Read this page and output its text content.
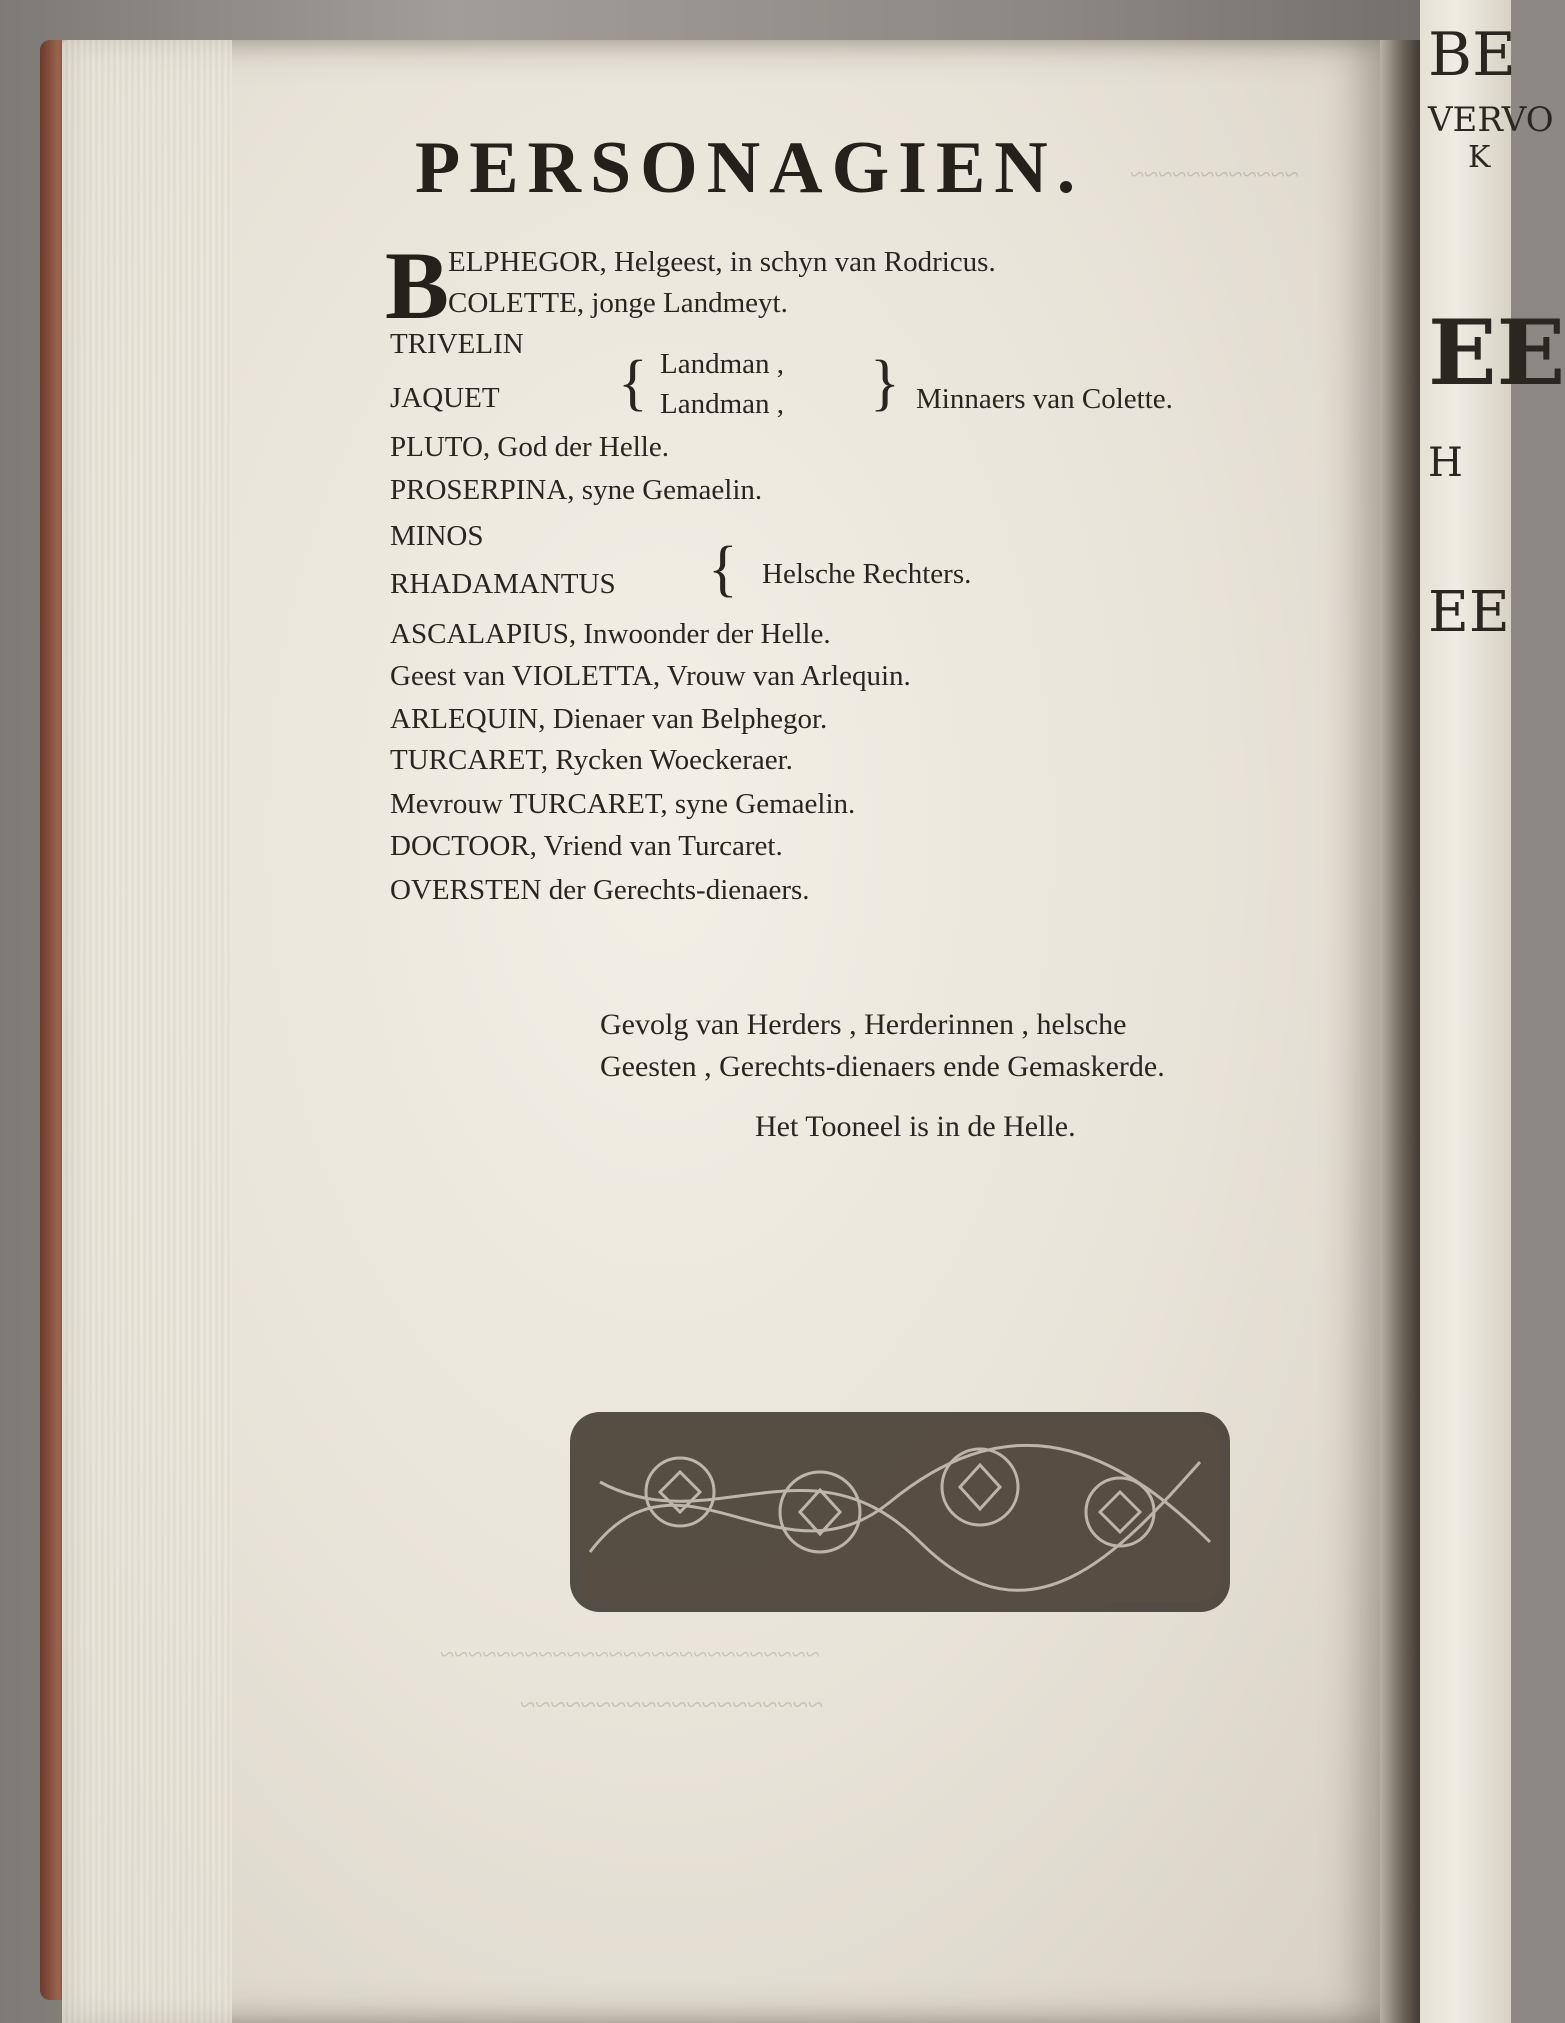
BE
VERVO
K
EE
H
EE
~~~~~~~~~~~~
PERSONAGIEN.
B
ELPHEGOR, Helgeest, in schyn van Rodricus.
COLETTE, jonge Landmeyt.
TRIVELIN
Landman ,
{
JAQUET	Landman , } Minnaers van Colette.
PLUTO, God der Helle.
PROSERPINA, syne Gemaelin.
MINOS
RHADAMANTUS { Helsche Rechters.
ASCALAPIUS, Inwoonder der Helle.
Geest van VIOLETTA, Vrouw van Arlequin.
ARLEQUIN, Dienaer van Belphegor.
TURCARET, Rycken Woeckeraer.
Mevrouw TURCARET, syne Gemaelin.
DOCTOOR, Vriend van Turcaret.
OVERSTEN der Gerechts-dienaers.
Gevolg van Herders , Herderinnen , helsche
Geesten , Gerechts-dienaers ende Gemaskerde.
Het Tooneel is in de Helle.
~~~~~~~~~~~~~~~~~~~~~~~~~~~
~~~~~~~~~~~~~~~~~~~~
